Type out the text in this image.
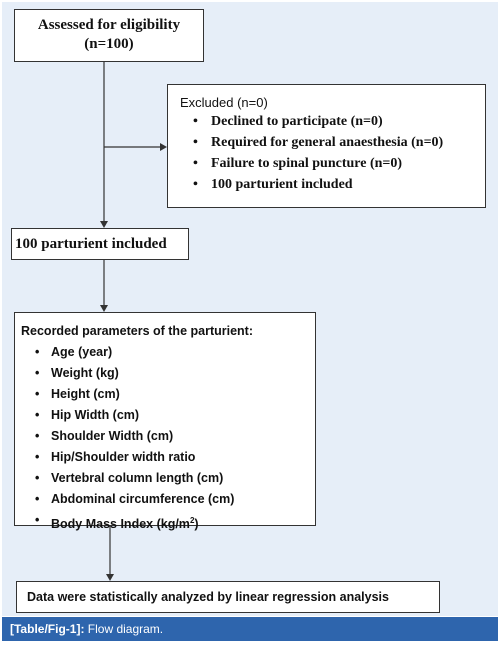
Assessed for eligibility
(n=100)
Excluded (n=0)
• Declined to participate (n=0)
• Required for general anaesthesia (n=0)
• Failure to spinal puncture (n=0)
• 100 parturient included
100 parturient included
Recorded parameters of the parturient:
• Age (year)
• Weight (kg)
• Height (cm)
• Hip Width (cm)
• Shoulder Width (cm)
• Hip/Shoulder width ratio
• Vertebral column length (cm)
• Abdominal circumference (cm)
• Body Mass Index $(kg/m^2)$
Data were statistically analyzed by linear regression analysis
[Table/Fig-1]: Flow diagram.
